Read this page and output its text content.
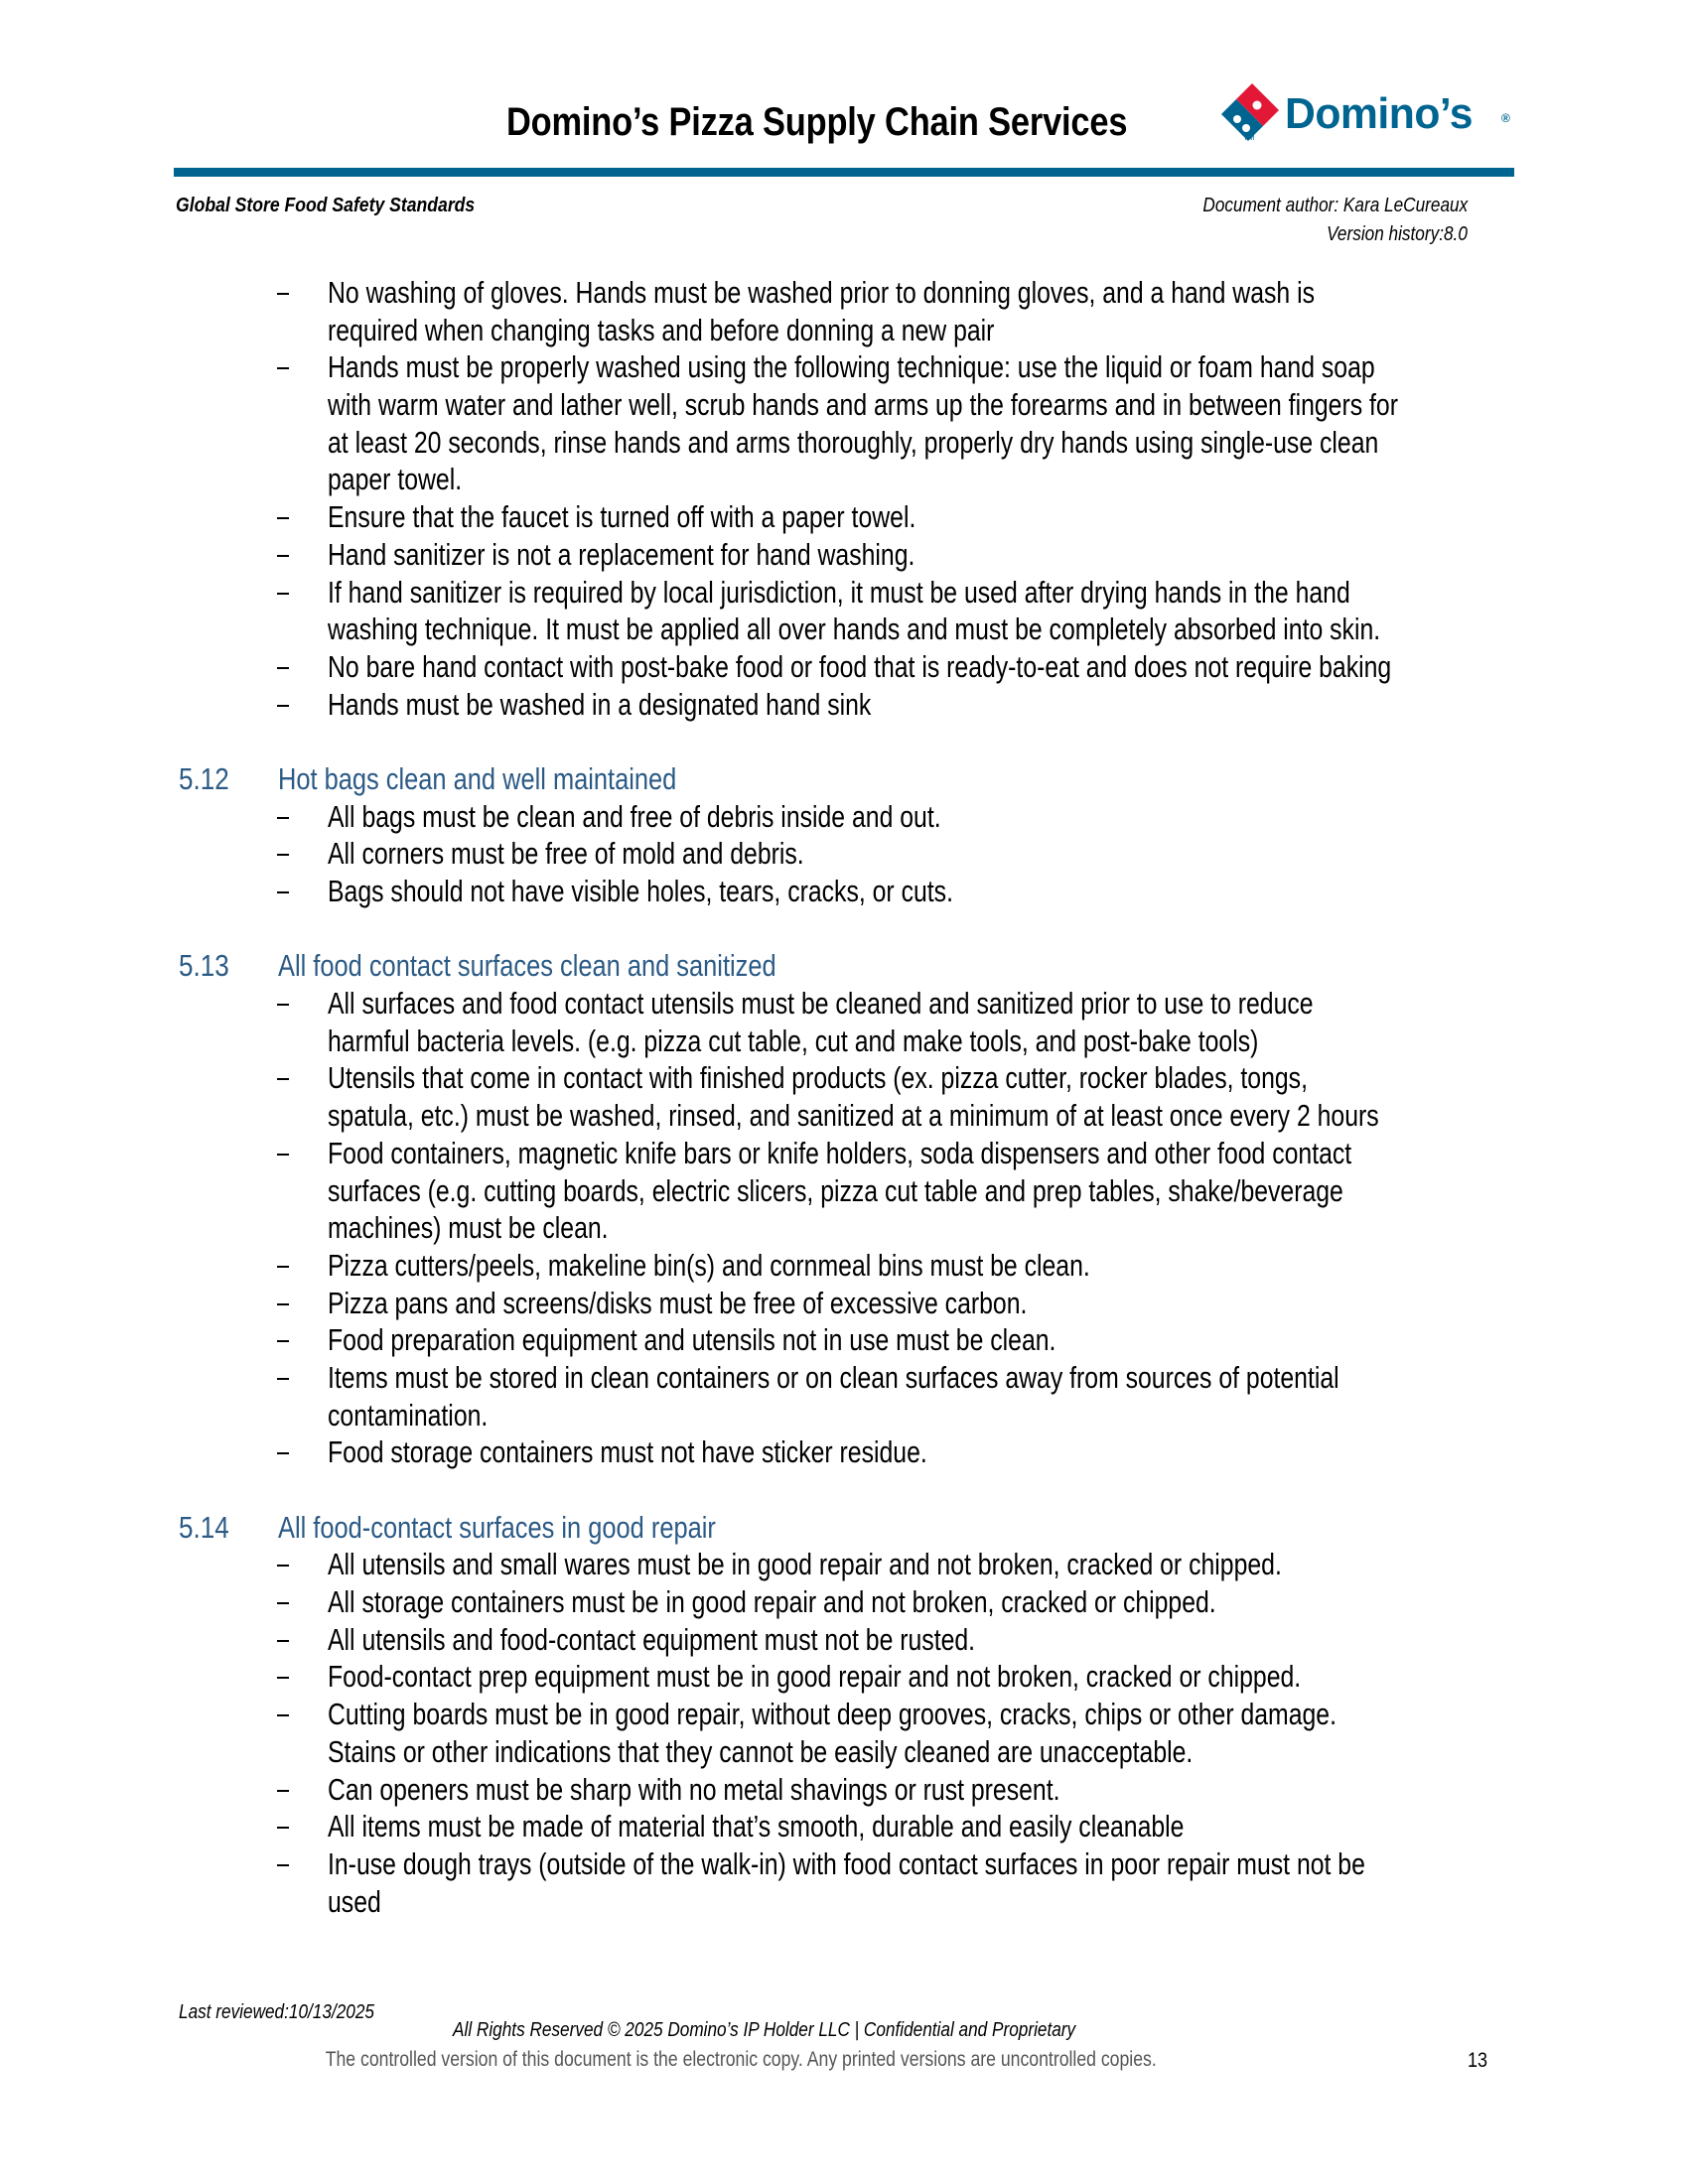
Domino’s Pizza Supply Chain Services	Domino’s ®
TM
Global Store Food Safety Standards	Document author: Kara LeCureaux
Version history:8.0
No washing of gloves. Hands must be washed prior to donning gloves, and a hand wash is
required when changing tasks and before donning a new pair
Hands must be properly washed using the following technique: use the liquid or foam hand soap
with warm water and lather well, scrub hands and arms up the forearms and in between fingers for
at least 20 seconds, rinse hands and arms thoroughly, properly dry hands using single-use clean
paper towel.
Ensure that the faucet is turned off with a paper towel.
Hand sanitizer is not a replacement for hand washing.
If hand sanitizer is required by local jurisdiction, it must be used after drying hands in the hand
washing technique. It must be applied all over hands and must be completely absorbed into skin.
No bare hand contact with post-bake food or food that is ready-to-eat and does not require baking
Hands must be washed in a designated hand sink
5.12 Hot bags clean and well maintained
All bags must be clean and free of debris inside and out.
All corners must be free of mold and debris.
Bags should not have visible holes, tears, cracks, or cuts.
5.13 All food contact surfaces clean and sanitized
All surfaces and food contact utensils must be cleaned and sanitized prior to use to reduce
harmful bacteria levels. (e.g. pizza cut table, cut and make tools, and post-bake tools)
Utensils that come in contact with finished products (ex. pizza cutter, rocker blades, tongs,
spatula, etc.) must be washed, rinsed, and sanitized at a minimum of at least once every 2 hours
Food containers, magnetic knife bars or knife holders, soda dispensers and other food contact
surfaces (e.g. cutting boards, electric slicers, pizza cut table and prep tables, shake/beverage
machines) must be clean.
Pizza cutters/peels, makeline bin(s) and cornmeal bins must be clean.
Pizza pans and screens/disks must be free of excessive carbon.
Food preparation equipment and utensils not in use must be clean.
Items must be stored in clean containers or on clean surfaces away from sources of potential
contamination.
Food storage containers must not have sticker residue.
5.14 All food-contact surfaces in good repair
All utensils and small wares must be in good repair and not broken, cracked or chipped.
All storage containers must be in good repair and not broken, cracked or chipped.
All utensils and food-contact equipment must not be rusted.
Food-contact prep equipment must be in good repair and not broken, cracked or chipped.
Cutting boards must be in good repair, without deep grooves, cracks, chips or other damage.
Stains or other indications that they cannot be easily cleaned are unacceptable.
Can openers must be sharp with no metal shavings or rust present.
All items must be made of material that’s smooth, durable and easily cleanable
In-use dough trays (outside of the walk-in) with food contact surfaces in poor repair must not be
used
Last reviewed:10/13/2025
All Rights Reserved © 2025 Domino’s IP Holder LLC | Confidential and Proprietary
The controlled version of this document is the electronic copy. Any printed versions are uncontrolled copies.	13
